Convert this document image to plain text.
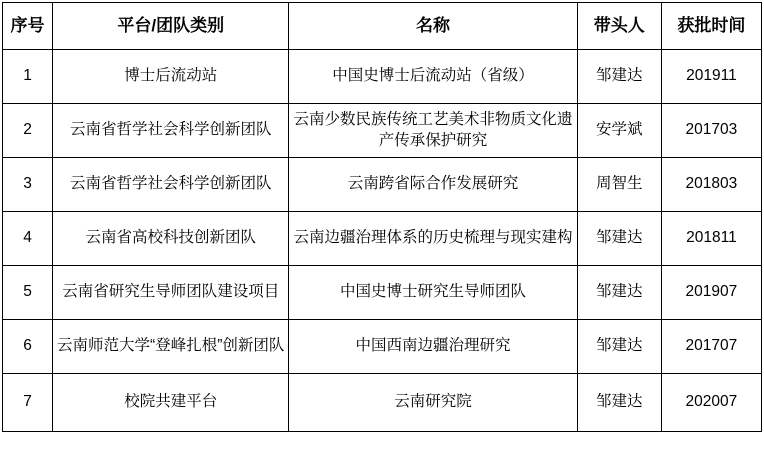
序号	平台/团队类别	名称	带头人	获批时间
1	博士后流动站	中国史博士后流动站（省级）	邹建达	201911
2	云南省哲学社会科学创新团队	云南少数民族传统工艺美术非物质文化遗产传承保护研究	安学斌	201703
3	云南省哲学社会科学创新团队	云南跨省际合作发展研究	周智生	201803
4	云南省高校科技创新团队	云南边疆治理体系的历史梳理与现实建构	邹建达	201811
5	云南省研究生导师团队建设项目	中国史博士研究生导师团队	邹建达	201907
6	云南师范大学“登峰扎根”创新团队	中国西南边疆治理研究	邹建达	201707
7	校院共建平台	云南研究院	邹建达	202007
